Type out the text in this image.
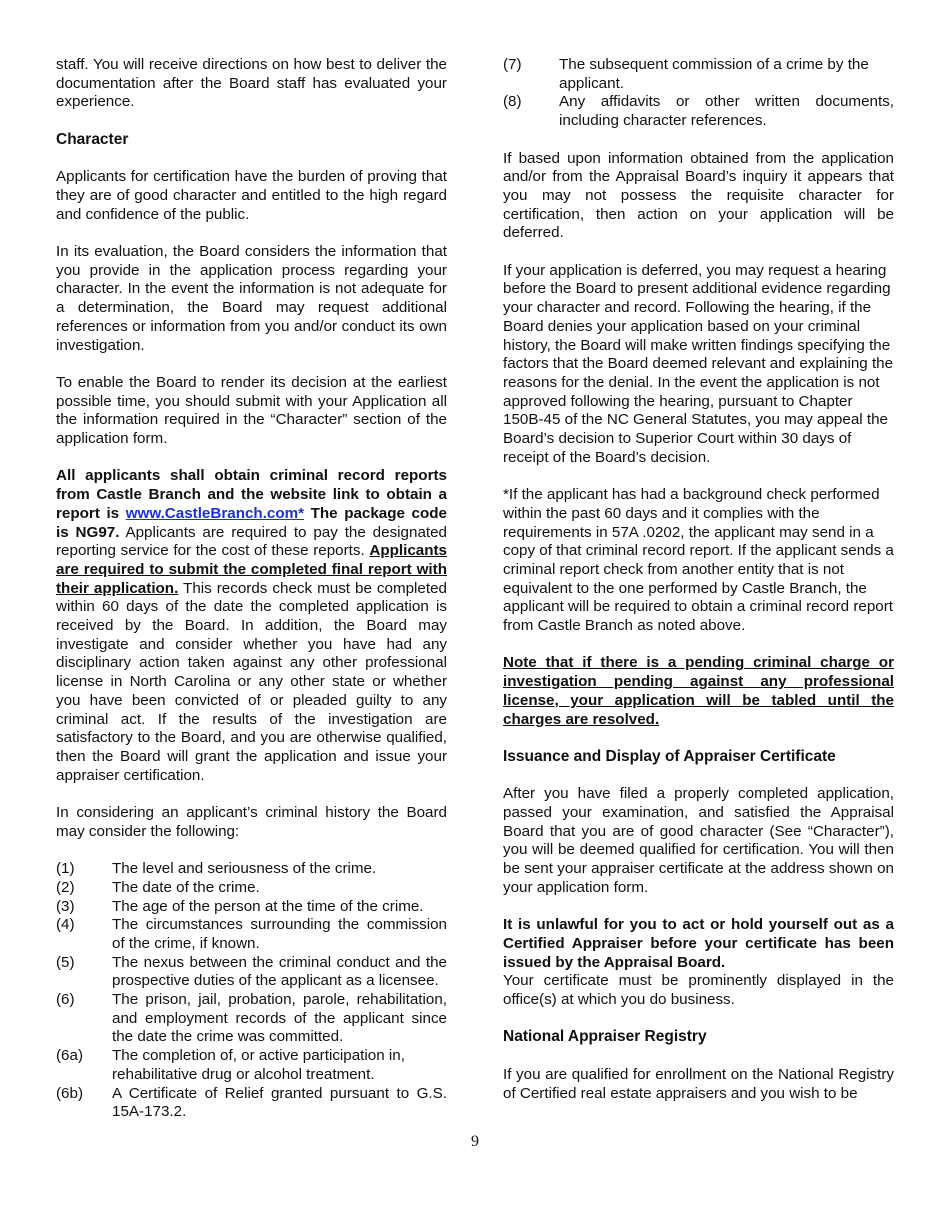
staff. You will receive directions on how best to deliver the documentation after the Board staff has evaluated your experience.

Character

Applicants for certification have the burden of proving that they are of good character and entitled to the high regard and confidence of the public.

In its evaluation, the Board considers the information that you provide in the application process regarding your character. In the event the information is not adequate for a determination, the Board may request additional references or information from you and/or conduct its own investigation.

To enable the Board to render its decision at the earliest possible time, you should submit with your Application all the information required in the “Character” section of the application form.

All applicants shall obtain criminal record reports from Castle Branch and the website link to obtain a report is www.CastleBranch.com* The package code is NG97. Applicants are required to pay the designated reporting service for the cost of these reports. Applicants are required to submit the completed final report with their application. This records check must be completed within 60 days of the date the completed application is received by the Board. In addition, the Board may investigate and consider whether you have had any disciplinary action taken against any other professional license in North Carolina or any other state or whether you have been convicted of or pleaded guilty to any criminal act. If the results of the investigation are satisfactory to the Board, and you are otherwise qualified, then the Board will grant the application and issue your appraiser certification.

In considering an applicant’s criminal history the Board may consider the following:

(1)	The level and seriousness of the crime.
(2)	The date of the crime.
(3)	The age of the person at the time of the crime.
(4)	The circumstances surrounding the commission of the crime, if known.
(5)	The nexus between the criminal conduct and the prospective duties of the applicant as a licensee.
(6)	The prison, jail, probation, parole, rehabilitation, and employment records of the applicant since the date the crime was committed.
(6a)	The completion of, or active participation in, rehabilitative drug or alcohol treatment.
(6b)	A Certificate of Relief granted pursuant to G.S. 15A-173.2.
(7)	The subsequent commission of a crime by the applicant.
(8)	Any affidavits or other written documents, including character references.

If based upon information obtained from the application and/or from the Appraisal Board’s inquiry it appears that you may not possess the requisite character for certification, then action on your application will be deferred.

If your application is deferred, you may request a hearing before the Board to present additional evidence regarding your character and record. Following the hearing, if the Board denies your application based on your criminal history, the Board will make written findings specifying the factors that the Board deemed relevant and explaining the reasons for the denial. In the event the application is not approved following the hearing, pursuant to Chapter 150B-45 of the NC General Statutes, you may appeal the Board’s decision to Superior Court within 30 days of receipt of the Board’s decision.

*If the applicant has had a background check performed within the past 60 days and it complies with the requirements in 57A .0202, the applicant may send in a copy of that criminal record report. If the applicant sends a criminal report check from another entity that is not equivalent to the one performed by Castle Branch, the applicant will be required to obtain a criminal record report from Castle Branch as noted above.

Note that if there is a pending criminal charge or investigation pending against any professional license, your application will be tabled until the charges are resolved.

Issuance and Display of Appraiser Certificate

After you have filed a properly completed application, passed your examination, and satisfied the Appraisal Board that you are of good character (See “Character”), you will be deemed qualified for certification. You will then be sent your appraiser certificate at the address shown on your application form.

It is unlawful for you to act or hold yourself out as a Certified Appraiser before your certificate has been issued by the Appraisal Board.

Your certificate must be prominently displayed in the office(s) at which you do business.

National Appraiser Registry

If you are qualified for enrollment on the National Registry of Certified real estate appraisers and you wish to be

9
